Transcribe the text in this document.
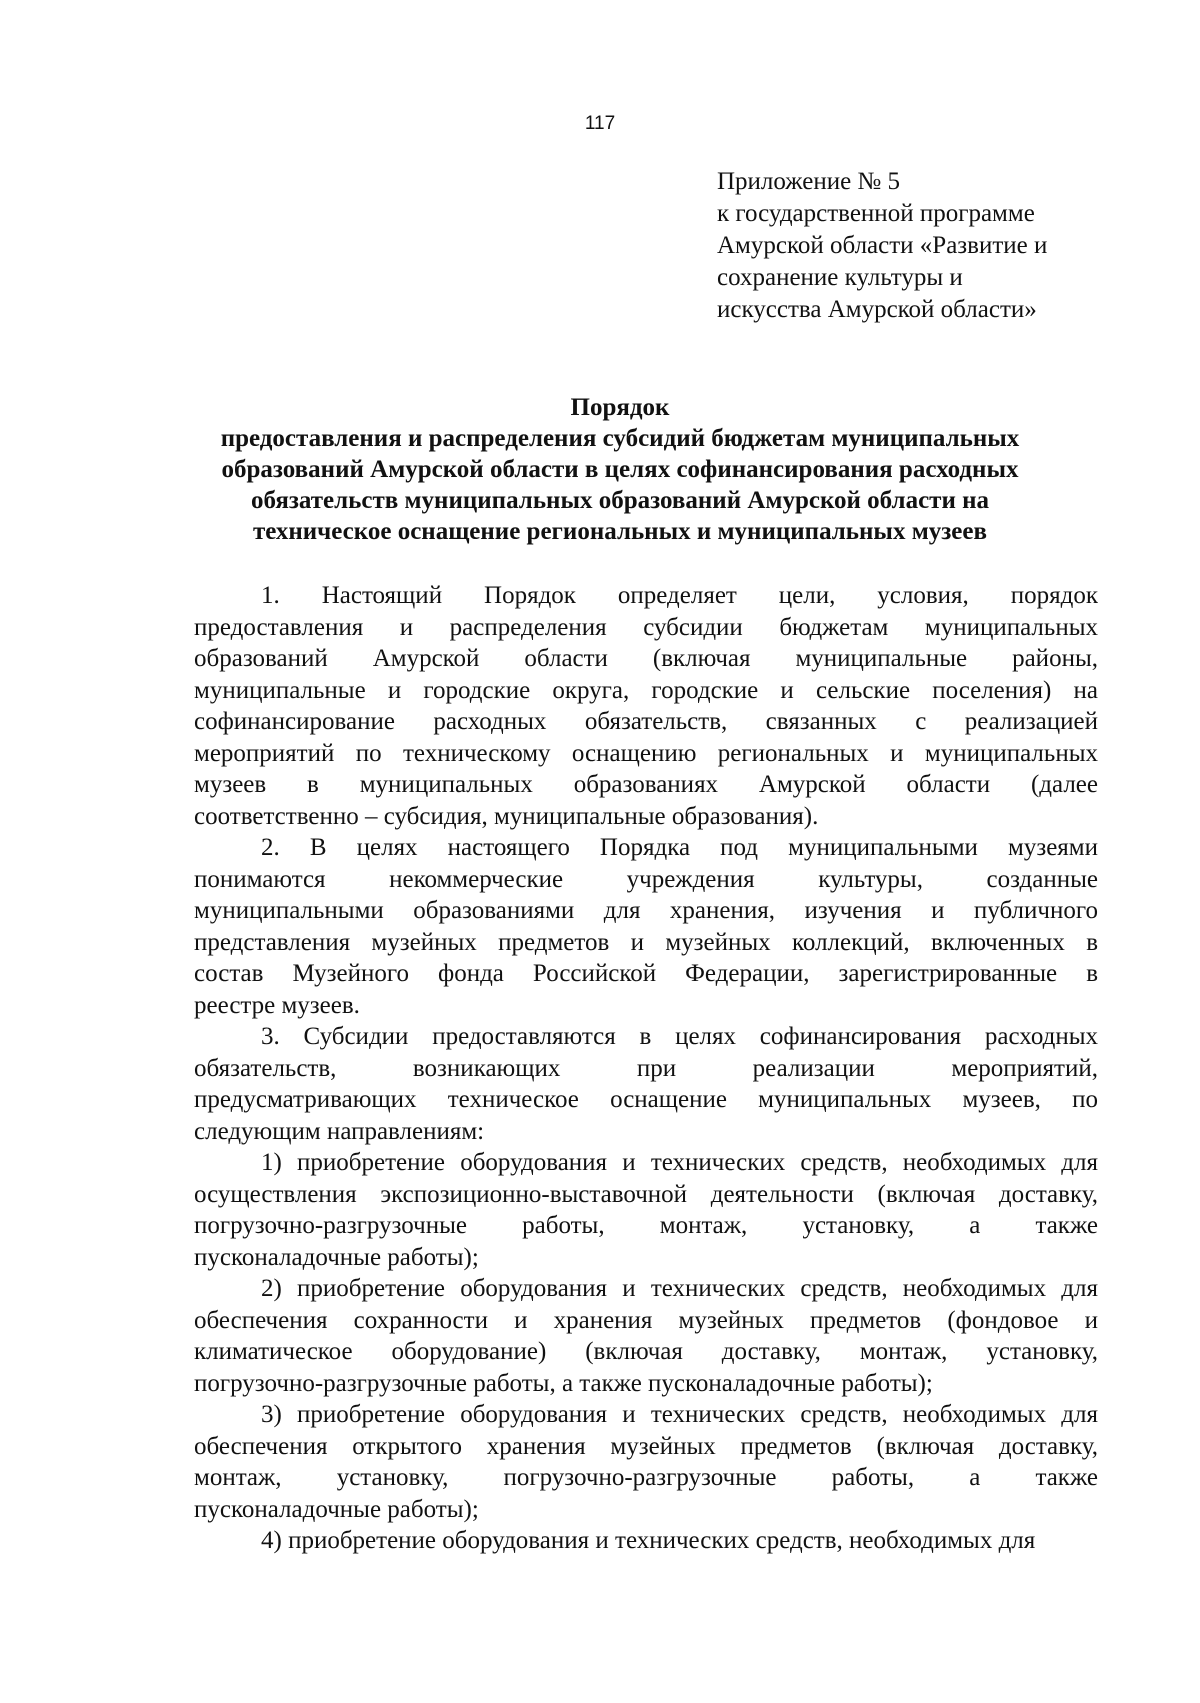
117
Приложение № 5
к государственной программе
Амурской области «Развитие и
сохранение культуры и
искусства Амурской области»
Порядок
предоставления и распределения субсидий бюджетам муниципальных
образований Амурской области в целях софинансирования расходных
обязательств муниципальных образований Амурской области на
техническое оснащение региональных и муниципальных музеев
1. Настоящий Порядок определяет цели, условия, порядок
предоставления и распределения субсидии бюджетам муниципальных
образований Амурской области (включая муниципальные районы,
муниципальные и городские округа, городские и сельские поселения) на
софинансирование расходных обязательств, связанных с реализацией
мероприятий по техническому оснащению региональных и муниципальных
музеев в муниципальных образованиях Амурской области (далее
соответственно – субсидия, муниципальные образования).
2. В целях настоящего Порядка под муниципальными музеями
понимаются некоммерческие учреждения культуры, созданные
муниципальными образованиями для хранения, изучения и публичного
представления музейных предметов и музейных коллекций, включенных в
состав Музейного фонда Российской Федерации, зарегистрированные в
реестре музеев.
3. Субсидии предоставляются в целях софинансирования расходных
обязательств, возникающих при реализации мероприятий,
предусматривающих техническое оснащение муниципальных музеев, по
следующим направлениям:
1) приобретение оборудования и технических средств, необходимых для
осуществления экспозиционно-выставочной деятельности (включая доставку,
погрузочно-разгрузочные работы, монтаж, установку, а также
пусконаладочные работы);
2) приобретение оборудования и технических средств, необходимых для
обеспечения сохранности и хранения музейных предметов (фондовое и
климатическое оборудование) (включая доставку, монтаж, установку,
погрузочно-разгрузочные работы, а также пусконаладочные работы);
3) приобретение оборудования и технических средств, необходимых для
обеспечения открытого хранения музейных предметов (включая доставку,
монтаж, установку, погрузочно-разгрузочные работы, а также
пусконаладочные работы);
4) приобретение оборудования и технических средств, необходимых для
